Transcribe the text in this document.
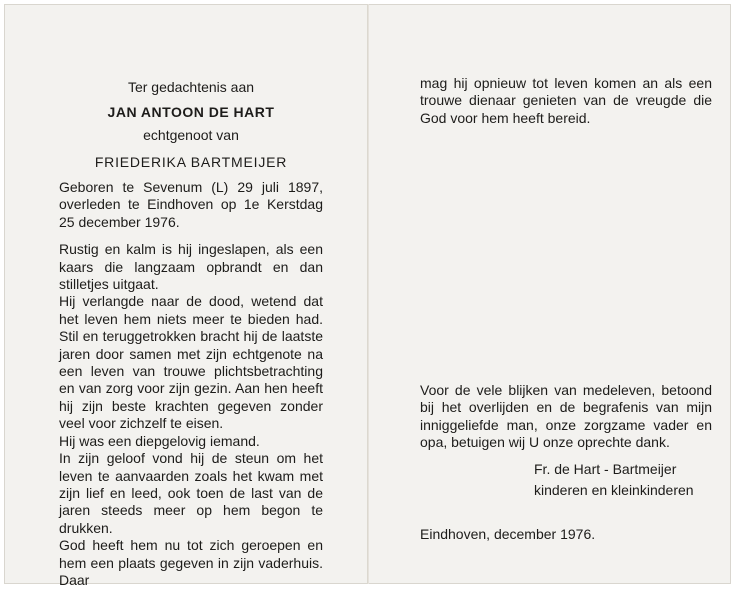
Ter gedachtenis aan
JAN ANTOON DE HART
echtgenoot van
FRIEDERIKA BARTMEIJER

Geboren te Sevenum (L) 29 juli 1897, overleden te Eindhoven op 1e Kerstdag 25 december 1976.

Rustig en kalm is hij ingeslapen, als een kaars die langzaam opbrandt en dan stilletjes uitgaat.

Hij verlangde naar de dood, wetend dat het leven hem niets meer te bieden had. Stil en teruggetrokken bracht hij de laatste jaren door samen met zijn echtgenote na een leven van trouwe plichtsbetrachting en van zorg voor zijn gezin. Aan hen heeft hij zijn beste krachten gegeven zonder veel voor zichzelf te eisen.

Hij was een diepgelovig iemand.

In zijn geloof vond hij de steun om het leven te aanvaarden zoals het kwam met zijn lief en leed, ook toen de last van de jaren steeds meer op hem begon te drukken.

God heeft hem nu tot zich geroepen en hem een plaats gegeven in zijn vaderhuis. Daar

mag hij opnieuw tot leven komen an als een trouwe dienaar genieten van de vreugde die God voor hem heeft bereid.

Voor de vele blijken van medeleven, betoond bij het overlijden en de begrafenis van mijn inniggeliefde man, onze zorgzame vader en opa, betuigen wij U onze oprechte dank.

Fr. de Hart - Bartmeijer
kinderen en kleinkinderen
Eindhoven, december 1976.
